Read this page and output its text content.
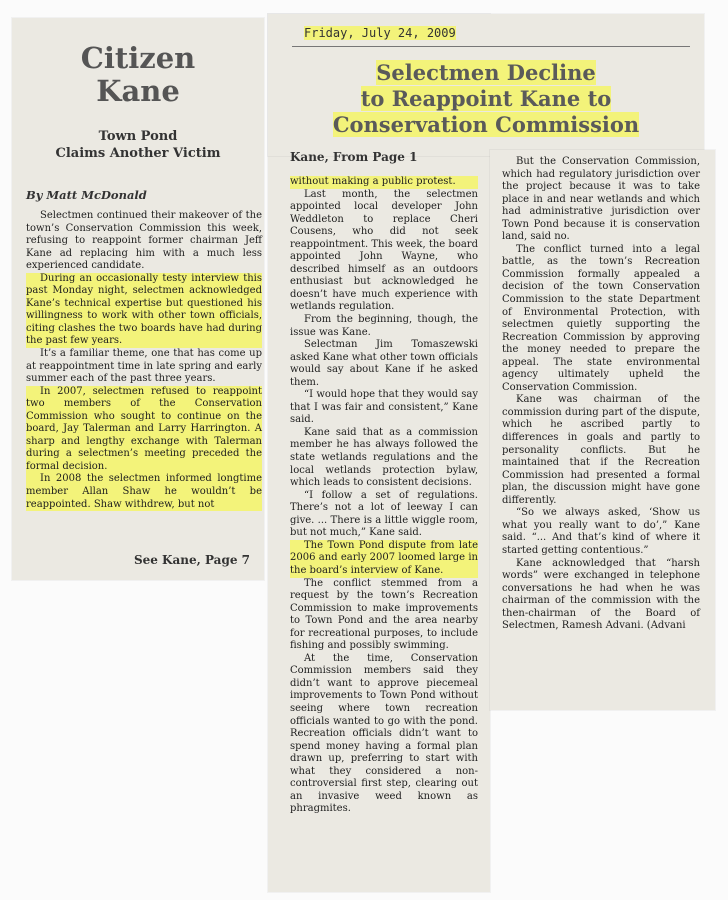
Citizen
Kane
Town Pond
Claims Another Victim
By Matt McDonald

Selectmen continued their makeover of the town’s Conservation Commission this week, refusing to reappoint former chairman Jeff Kane ad replacing him with a much less experienced candidate.

During an occasionally testy interview this past Monday night, selectmen acknowledged Kane’s technical expertise but questioned his willingness to work with other town officials, citing clashes the two boards have had during the past few years.

It’s a familiar theme, one that has come up at reappointment time in late spring and early summer each of the past three years.

In 2007, selectmen refused to reappoint two members of the Conservation Commission who sought to continue on the board, Jay Talerman and Larry Harrington. A sharp and lengthy exchange with Talerman during a selectmen’s meeting preceded the formal decision.

In 2008 the selectmen informed longtime member Allan Shaw he wouldn’t be reappointed. Shaw withdrew, but not

See Kane, Page 7
Friday, July 24, 2009
Selectmen Decline
to Reappoint Kane to
Conservation Commission
Kane, From Page 1

without making a public protest.

Last month, the selectmen appointed local developer John Weddleton to replace Cheri Cousens, who did not seek reappointment. This week, the board appointed John Wayne, who described himself as an outdoors enthusiast but acknowledged he doesn’t have much experience with wetlands regulation.

From the beginning, though, the issue was Kane.

Selectman Jim Tomaszewski asked Kane what other town officials would say about Kane if he asked them.

“I would hope that they would say that I was fair and consistent,” Kane said.

Kane said that as a commission member he has always followed the state wetlands regulations and the local wetlands protection bylaw, which leads to consistent decisions.

“I follow a set of regulations. There’s not a lot of leeway I can give. ... There is a little wiggle room, but not much,” Kane said.

The Town Pond dispute from late 2006 and early 2007 loomed large in the board’s interview of Kane.

The conflict stemmed from a request by the town’s Recreation Commission to make improvements to Town Pond and the area nearby for recreational purposes, to include fishing and possibly swimming.

At the time, Conservation Commission members said they didn’t want to approve piecemeal improvements to Town Pond without seeing where town recreation officials wanted to go with the pond. Recreation officials didn’t want to spend money having a formal plan drawn up, preferring to start with what they considered a non-controversial first step, clearing out an invasive weed known as phragmites.

But the Conservation Commission, which had regulatory jurisdiction over the project because it was to take place in and near wetlands and which had administrative jurisdiction over Town Pond because it is conservation land, said no.

The conflict turned into a legal battle, as the town’s Recreation Commission formally appealed a decision of the town Conservation Commission to the state Department of Environmental Protection, with selectmen quietly supporting the Recreation Commission by approving the money needed to prepare the appeal. The state environmental agency ultimately upheld the Conservation Commission.

Kane was chairman of the commission during part of the dispute, which he ascribed partly to differences in goals and partly to personality conflicts. But he maintained that if the Recreation Commission had presented a formal plan, the discussion might have gone differently.

“So we always asked, ‘Show us what you really want to do’,” Kane said. “... And that’s kind of where it started getting contentious.”

Kane acknowledged that “harsh words” were exchanged in telephone conversations he had when he was chairman of the commission with the then-chairman of the Board of Selectmen, Ramesh Advani. (Advani
